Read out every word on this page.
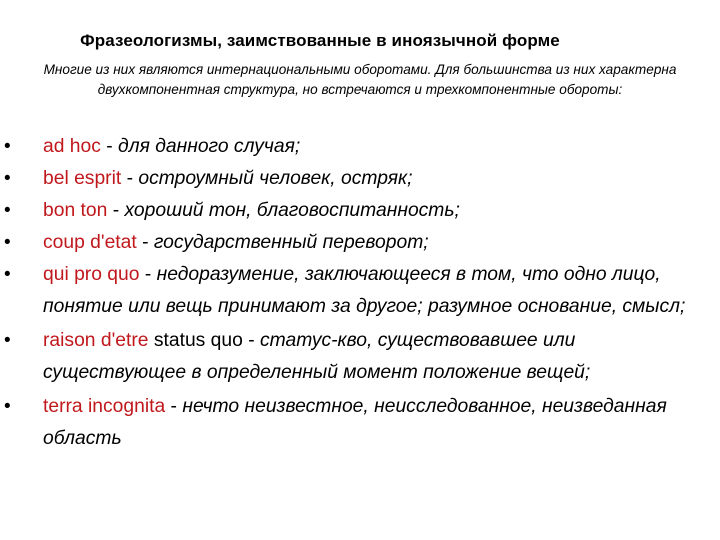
Фразеологизмы, заимствованные в иноязычной форме
Многие из них являются интернациональными оборотами. Для большинства из них характерна двухкомпонентная структура, но встречаются и трехкомпонентные обороты:
• ad hoc - для данного случая;
• bel esprit - остроумный человек, остряк;
• bon ton - хороший тон, благовоспитанность;
• coup d'etat - государственный переворот;
• qui pro quo - недоразумение, заключающееся в том, что одно лицо, понятие или вещь принимают за другое; разумное основание, смысл;
• raison d'etre status quo - статус-кво, существовавшее или существующее в определенный момент положение вещей;
• terra incognita - нечто неизвестное, неисследованное, неизведанная область
